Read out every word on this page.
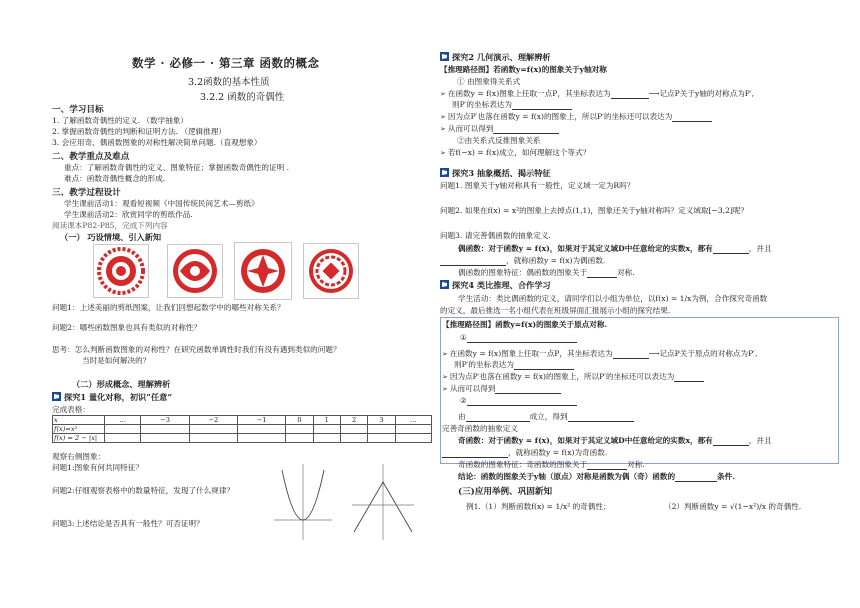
数学 · 必修一 · 第三章 函数的概念
3.2函数的基本性质
3.2.2 函数的奇偶性
一、学习目标
1. 了解函数奇偶性的定义. （数学抽象）
2. 掌握函数奇偶性的判断和证明方法. （逻辑推理）
3. 会应用奇、偶函数图象的对称性解决简单问题.（直观想象）
二、教学重点及难点
重点：了解函数奇偶性的定义、图象特征；掌握函数奇偶性的证明 .
难点：函数奇偶性概念的形成.
三、教学过程设计
学生课前活动1：观看短视频《中国传统民间艺术—剪纸》
学生课前活动2：欣赏同学的剪纸作品.
阅读课本P82-P85，完成下列内容
（一） 巧设情境、引入新知
问题1：上述美丽的剪纸图案，让我们回想起数学中的哪些对称关系？
问题2：哪些函数图象也具有类似的对称性？
思考：怎么判断函数图象的对称性？在研究函数单调性时我们有没有遇到类似的问题？
当时是如何解决的？
（二）形成概念、理解辨析
探究1 量化对称，初识“任意”
完成表格：
x	…	−3	−2	−1	0	1	2	3	…
f(x)=x²									
f(x) = 2 − |x|									
观察右侧图象：
问题1:图象有何共同特征？
问题2:仔细观察表格中的数量特征，发现了什么规律？
问题3:上述结论是否具有一般性？可否证明？
探究2 几何演示、理解辨析
【推理路径图】若函数y=f(x)的图象关于y轴对称
① 由图象得关系式
➢ 在函数y = f(x)图象上任取一点P，其坐标表达为	⟶记点P关于y轴的对称点为P′,
则P′的坐标表达为
➢ 因为点P′也落在函数y = f(x)的图象上，所以P′的坐标还可以表达为
➢ 从而可以得到
②由关系式反推图象关系
➢ 若f(−x) = f(x)成立，如何理解这个等式？
探究3 抽象概括、揭示特征
问题1. 图象关于y轴对称具有一般性，定义域一定为R吗？
问题2. 如果在f(x) = x²的图象上去掉点(1,1)，图象还关于y轴对称吗？定义域取[−3,2]呢？
问题3. 请完善偶函数的抽象定义.
偶函数：对于函数y = f(x)，如果对于其定义域D中任意给定的实数x，都有	，并且
，就称函数y = f(x)为偶函数.
偶函数的图象特征：偶函数的图象关于	对称.
探究4 类比推理、合作学习
学生活动：类比偶函数的定义，请同学们以小组为单位，以f(x) = 1/x为例，合作探究奇函数
的定义，最后推选一名小组代表在班级屏面汇报展示小组的探究结果.
【推理路径图】函数y=f(x)的图象关于原点对称.
①
➢ 在函数y = f(x)图象上任取一点P，其坐标表达为	⟶记点P关于原点的对称点为P′,
则P′的坐标表达为
➢ 因为点P′也落在函数y = f(x)的图象上，所以P′的坐标还可以表达为
➢ 从而可以得到
②
由	成立，得到
完善奇函数的抽象定义
奇函数：对于函数y = f(x)，如果对于其定义域D中任意给定的实数x，都有	，并且
，就称函数y = f(x)为奇函数.
奇函数的图象特征：奇函数的图象关于	对称.
结论：函数的图象关于y轴（原点）对称是函数为偶（奇）函数的	条件.
(三)应用举例、巩固新知
例1.（1）判断函数f(x) = 1/x² 的奇偶性；	（2）判断函数y = √(1−x²)/x 的奇偶性.
